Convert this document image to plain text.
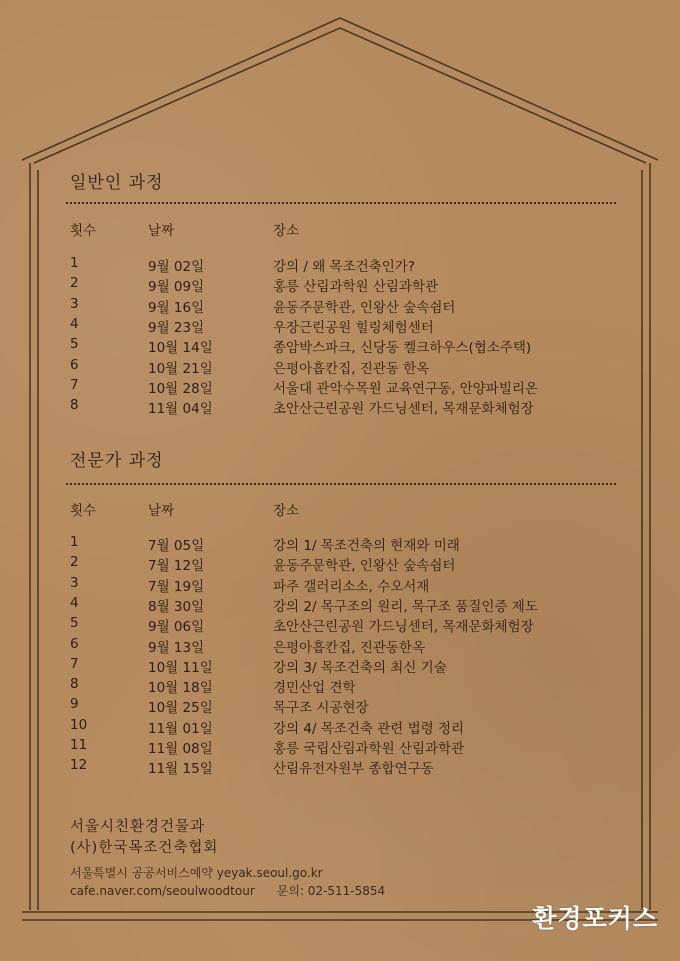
일반인 과정
횟수	날짜	장소
1	9월 02일	강의 / 왜 목조건축인가?
2	9월 09일	홍릉 산림과학원 산림과학관
3	9월 16일	윤동주문학관, 인왕산 숲속쉼터
4	9월 23일	우장근린공원 힐링체험센터
5	10월 14일	종암박스파크, 신당동 켈크하우스(협소주택)
6	10월 21일	은평아흡칸집, 진관동 한옥
7	10월 28일	서울대 관악수목원 교육연구동, 안양파빌리온
8	11월 04일	초안산근린공원 가드닝센터, 목재문화체험장
전문가 과정
횟수	날짜	장소
1	7월 05일	강의 1/ 목조건축의 현재와 미래
2	7월 12일	윤동주문학관, 인왕산 숲속쉼터
3	7월 19일	파주 갤러리소소, 수오서재
4	8월 30일	강의 2/ 목구조의 원리, 목구조 품질인증 제도
5	9월 06일	초안산근린공원 가드닝센터, 목재문화체험장
6	9월 13일	은평아흡칸집, 진관동한옥
7	10월 11일	강의 3/ 목조건축의 최신 기술
8	10월 18일	경민산업 견학
9	10월 25일	목구조 시공현장
10	11월 01일	강의 4/ 목조건축 관련 법령 정리
11	11월 08일	홍릉 국립산림과학원 산림과학관
12	11월 15일	산림유전자원부 종합연구동
서울시친환경건물과
(사)한국목조건축협회
서울특별시 공공서비스예약 yeyak.seoul.go.kr
cafe.naver.com/seoulwoodtour 문의: 02-511-5854
환경포커스
